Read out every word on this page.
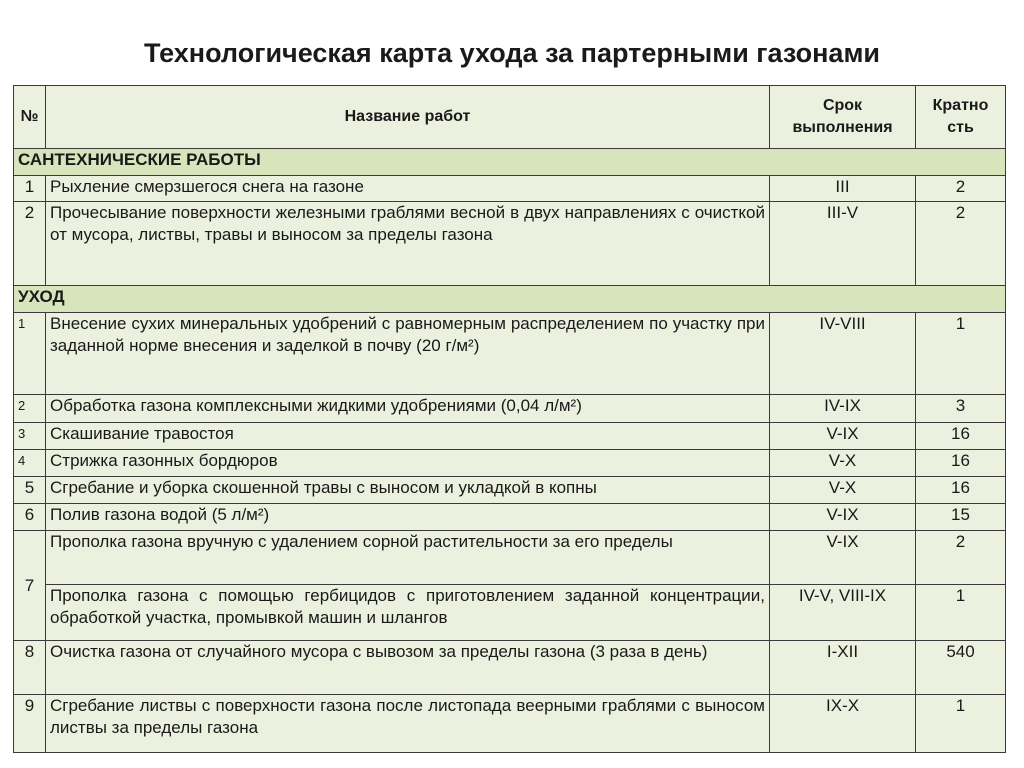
Технологическая карта ухода за партерными газонами
№	Название работ	Срок выполнения	Кратно сть
САНТЕХНИЧЕСКИЕ РАБОТЫ			
1	Рыхление смерзшегося снега на газоне	III	2
2	Прочесывание поверхности железными граблями весной в двух направлениях с очисткой от мусора, листвы, травы и выносом за пределы газона	III-V	2
УХОД			
1	Внесение сухих минеральных удобрений с равномерным распределением по участку при заданной норме внесения и заделкой в почву (20 г/м²)	IV-VIII	1
2	Обработка газона комплексными жидкими удобрениями (0,04 л/м²)	IV-IX	3
3	Скашивание травостоя	V-IX	16
4	Стрижка газонных бордюров	V-X	16
5	Сгребание и уборка скошенной травы с выносом и укладкой в копны	V-X	16
6	Полив газона водой (5 л/м²)	V-IX	15
7	Прополка газона вручную с удалением сорной растительности за его пределы	V-IX	2
	Прополка газона с помощью гербицидов с приготовлением заданной концентрации, обработкой участка, промывкой машин и шлангов	IV-V, VIII-IX	1
8	Очистка газона от случайного мусора с вывозом за пределы газона (3 раза в день)	I-XII	540
9	Сгребание листвы с поверхности газона после листопада веерными граблями с выносом листвы за пределы газона	IX-X	1
